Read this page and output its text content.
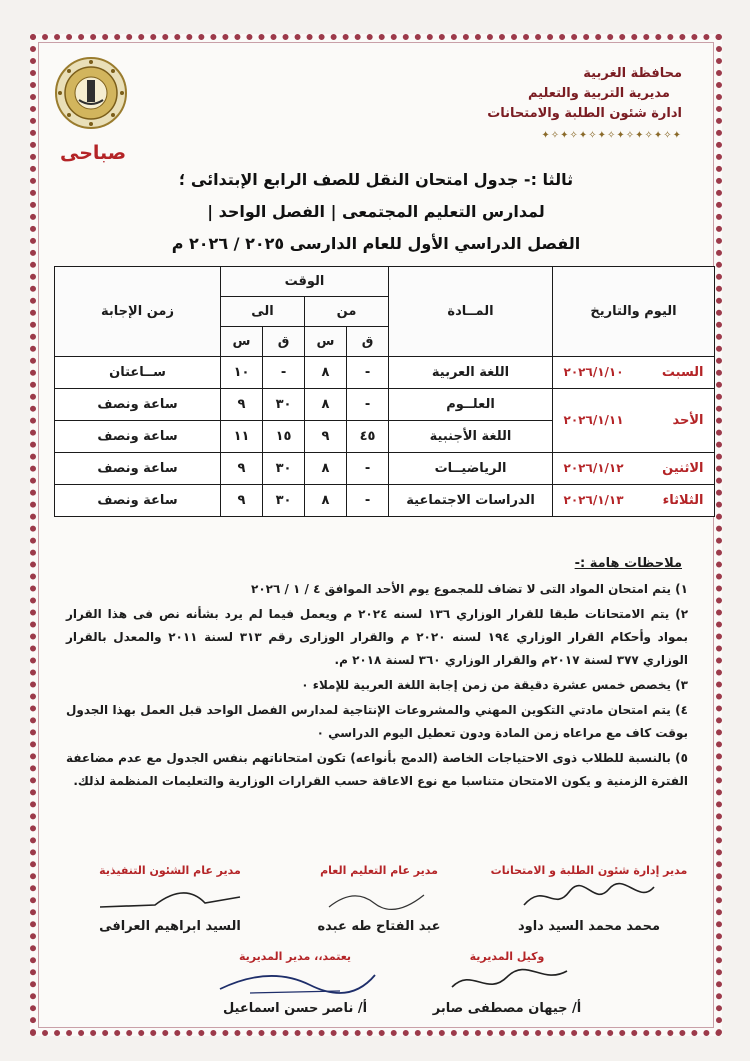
محافظة الغربية
مديرية التربية والتعليم
ادارة شئون الطلبة والامتحانات
✦✧✦✧✦✧✦✧✦✧✦✧✦✧✦
صباحى
ثالثا :- جدول امتحان النقل للصف الرابع الإبتدائى ؛
لمدارس التعليم المجتمعى | الفصل الواحد |
الفصل الدراسي الأول للعام الدارسى ٢٠٢٥ / ٢٠٢٦ م
اليوم والتاريخ	المــادة	الوقت				زمن الإجابة
		من		الى		
		ق	س	ق	س	
السبت٢٠٢٦/١/١٠	اللغة العربية	-	٨	-	١٠	ســاعتان
الأحد٢٠٢٦/١/١١	العلــوم	-	٨	٣٠	٩	ساعة ونصف
	اللغة الأجنبية	٤٥	٩	١٥	١١	ساعة ونصف
الاثنين٢٠٢٦/١/١٢	الرياضيــات	-	٨	٣٠	٩	ساعة ونصف
الثلاثاء٢٠٢٦/١/١٣	الدراسات الاجتماعية	-	٨	٣٠	٩	ساعة ونصف
ملاحظات هامة :-

١) يتم امتحان المواد التى لا تضاف للمجموع يوم الأحد الموافق ٤ / ١ / ٢٠٢٦

٢) يتم الامتحانات طبقا للقرار الوزاري ١٣٦ لسنه ٢٠٢٤ م ويعمل فيما لم يرد بشأنه نص فى هذا القرار بمواد وأحكام القرار الوزاري ١٩٤ لسنه ٢٠٢٠ م والقرار الوزارى رقم ٣١٣ لسنة ٢٠١١ والمعدل بالقرار الوزاري ٣٧٧ لسنة ٢٠١٧م والقرار الوزاري ٣٦٠ لسنة ٢٠١٨ م.

٣) يخصص خمس عشرة دقيقة من زمن إجابة اللغة العربية للإملاء ٠

٤) يتم امتحان مادتي التكوين المهني والمشروعات الإنتاجية لمدارس الفصل الواحد قبل العمل بهذا الجدول بوقت كاف مع مراعاه زمن المادة ودون تعطيل اليوم الدراسي ٠

٥) بالنسبة للطلاب ذوى الاحتياجات الخاصة (الدمج بأنواعه) تكون امتحاناتهم بنفس الجدول مع عدم مضاعفة الفترة الزمنية و يكون الامتحان متناسبا مع نوع الاعاقة حسب القرارات الوزارية والتعليمات المنظمة لذلك.

مدير إدارة شئون الطلبة و الامتحانات
محمد محمد السيد داود
مدير عام التعليم العام
عبد الفتاح طه عبده
مدير عام الشئون التنفيذية
السيد ابراهيم العرافى
وكيل المديرية
أ/ جيهان مصطفى صابر
يعتمد،، مدير المديرية
أ/ ناصر حسن اسماعيل
